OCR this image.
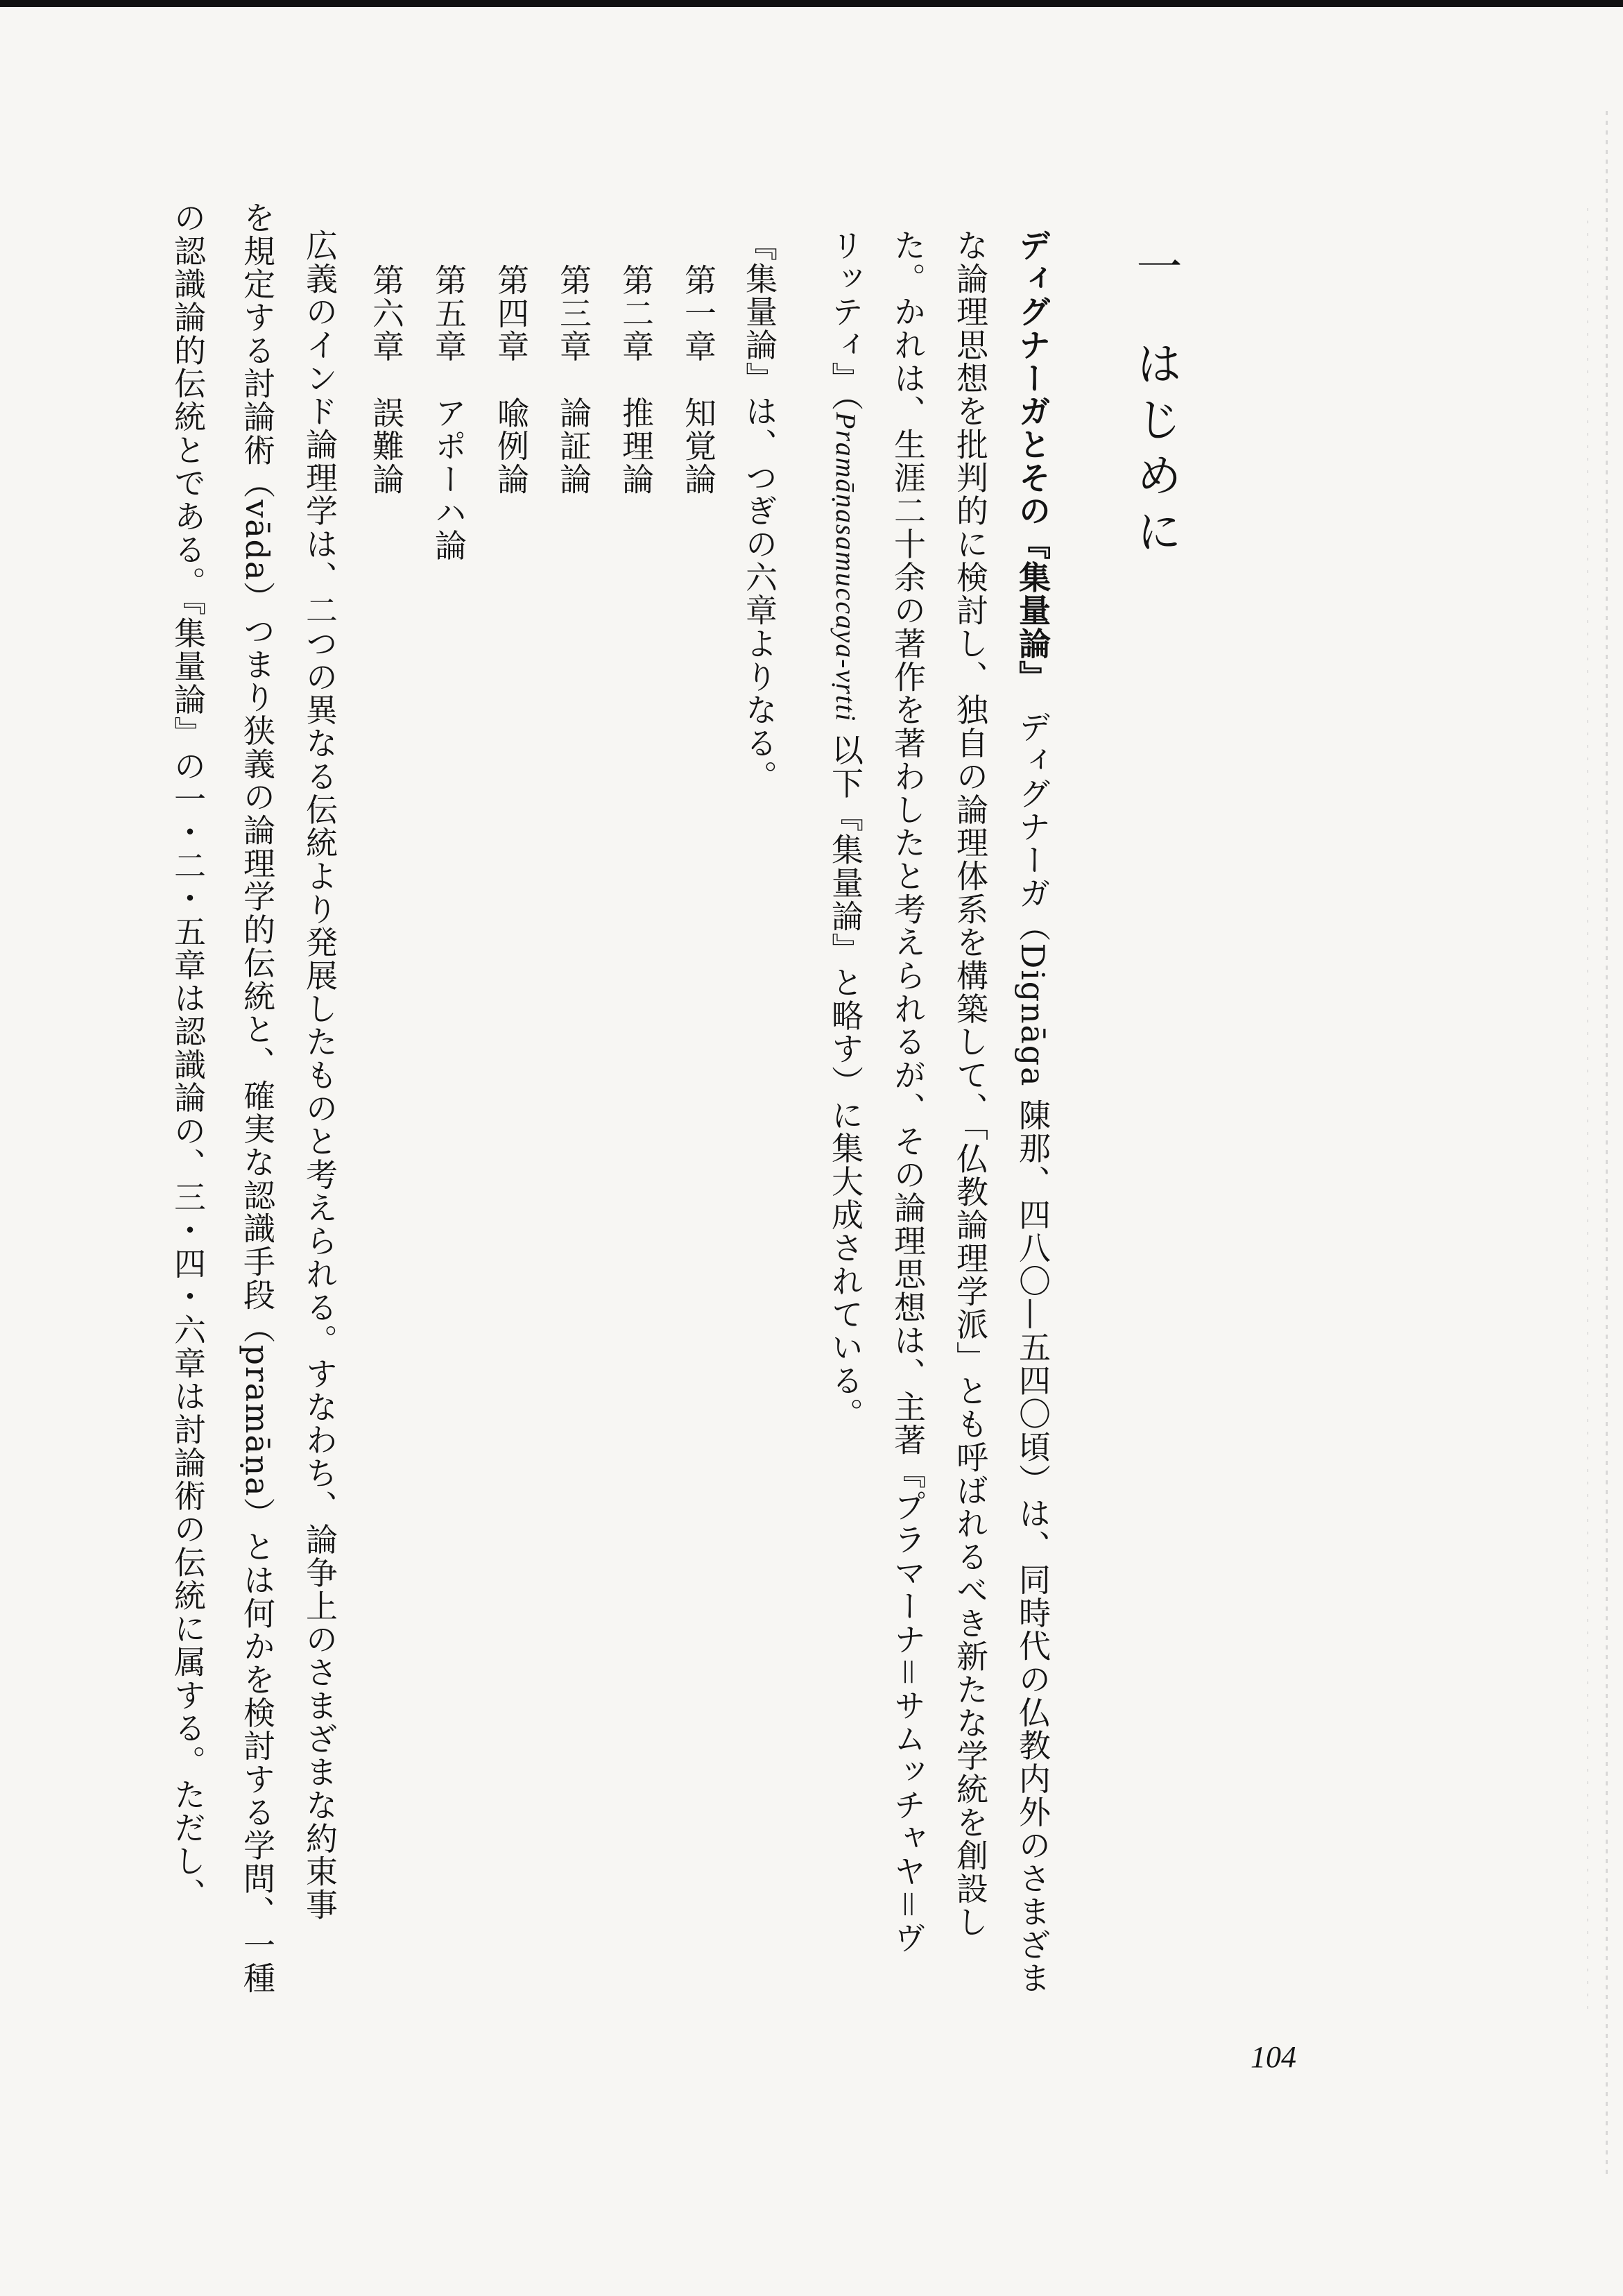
一
はじめに
ディグナーガとその『集量論』　ディグナーガ（Dignāga 陳那、四八〇—五四〇頃）は、同時代の仏教内外のさまざま
な論理思想を批判的に検討し、独自の論理体系を構築して、「仏教論理学派」とも呼ばれるべき新たな学統を創設し
た。かれは、生涯二十余の著作を著わしたと考えられるが、その論理思想は、主著『プラマーナ＝サムッチャヤ＝ヴ
リッティ』（Pramāṇasamuccaya-vṛtti 以下『集量論』と略す）に集大成されている。
『集量論』は、つぎの六章よりなる。
第一章　知覚論
第二章　推理論
第三章　論証論
第四章　喩例論
第五章　アポーハ論
第六章　誤難論
広義のインド論理学は、二つの異なる伝統より発展したものと考えられる。すなわち、論争上のさまざまな約束事
を規定する討論術（vāda）つまり狭義の論理学的伝統と、確実な認識手段（pramāṇa）とは何かを検討する学問、一種
の認識論的伝統とである。『集量論』の一・二・五章は認識論の、三・四・六章は討論術の伝統に属する。ただし、
104
